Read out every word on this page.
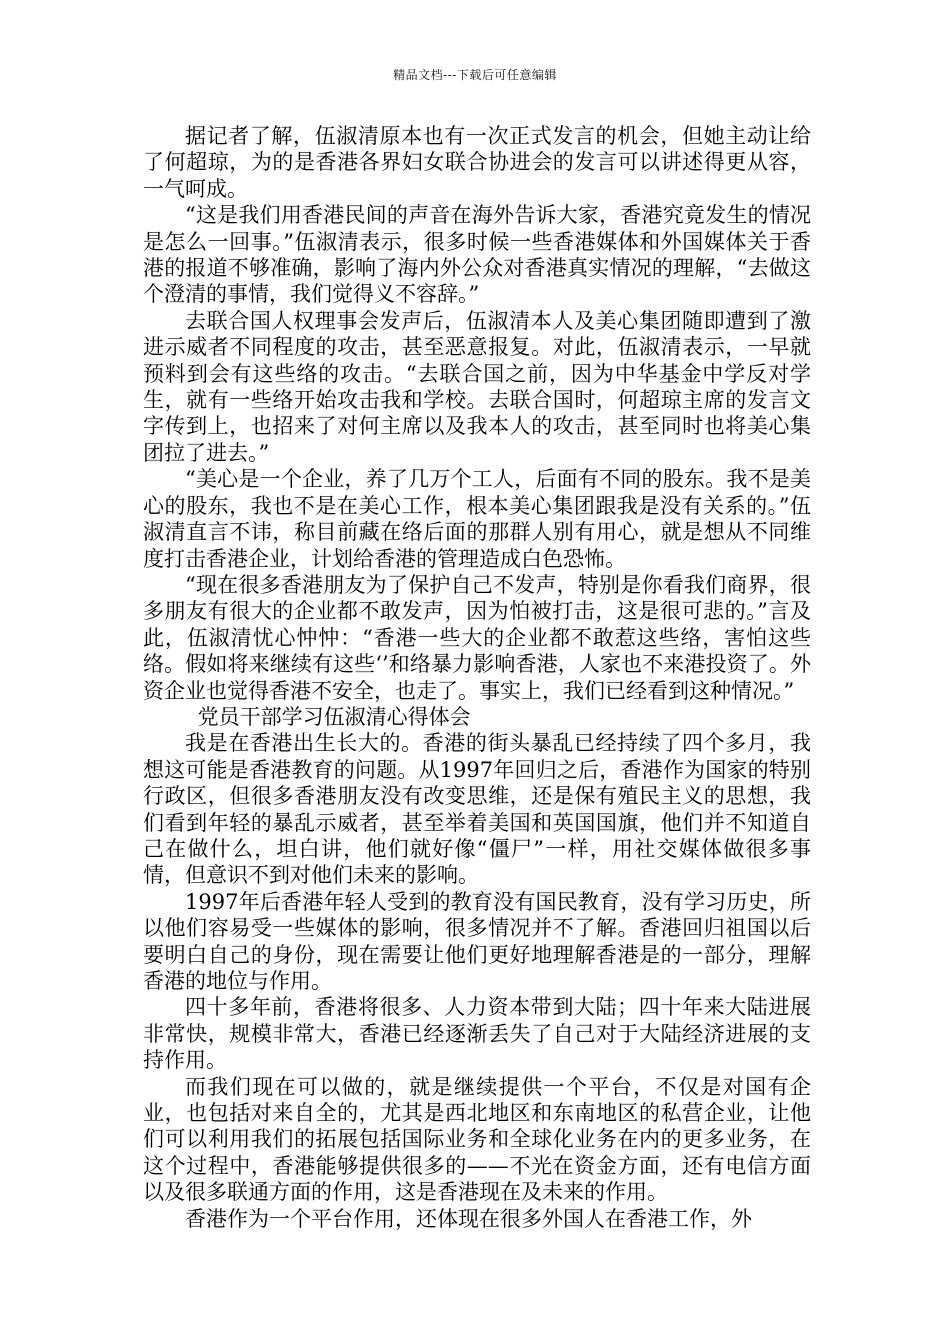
精品文档---下载后可任意编辑

据记者了解，伍淑清原本也有一次正式发言的机会，但她主动让给了何超琼，为的是香港各界妇女联合协进会的发言可以讲述得更从容，一气呵成。

“这是我们用香港民间的声音在海外告诉大家，香港究竟发生的情况是怎么一回事。”伍淑清表示，很多时候一些香港媒体和外国媒体关于香港的报道不够准确，影响了海内外公众对香港真实情况的理解，“去做这个澄清的事情，我们觉得义不容辞。”

去联合国人权理事会发声后，伍淑清本人及美心集团随即遭到了激进示威者不同程度的攻击，甚至恶意报复。对此，伍淑清表示，一早就预料到会有这些络的攻击。“去联合国之前，因为中华基金中学反对学生，就有一些络开始攻击我和学校。去联合国时，何超琼主席的发言文字传到上，也招来了对何主席以及我本人的攻击，甚至同时也将美心集团拉了进去。”

“美心是一个企业，养了几万个工人，后面有不同的股东。我不是美心的股东，我也不是在美心工作，根本美心集团跟我是没有关系的。”伍淑清直言不讳，称目前藏在络后面的那群人别有用心，就是想从不同维度打击香港企业，计划给香港的管理造成白色恐怖。

“现在很多香港朋友为了保护自己不发声，特别是你看我们商界，很多朋友有很大的企业都不敢发声，因为怕被打击，这是很可悲的。”言及此，伍淑清忧心忡忡：“香港一些大的企业都不敢惹这些络，害怕这些络。假如将来继续有这些‘’和络暴力影响香港，人家也不来港投资了。外资企业也觉得香港不安全，也走了。事实上，我们已经看到这种情况。”

党员干部学习伍淑清心得体会

我是在香港出生长大的。香港的街头暴乱已经持续了四个多月，我想这可能是香港教育的问题。从1997年回归之后，香港作为国家的特别行政区，但很多香港朋友没有改变思维，还是保有殖民主义的思想，我们看到年轻的暴乱示威者，甚至举着美国和英国国旗，他们并不知道自己在做什么，坦白讲，他们就好像“僵尸”一样，用社交媒体做很多事情，但意识不到对他们未来的影响。

1997年后香港年轻人受到的教育没有国民教育，没有学习历史，所以他们容易受一些媒体的影响，很多情况并不了解。香港回归祖国以后要明白自己的身份，现在需要让他们更好地理解香港是的一部分，理解香港的地位与作用。

四十多年前，香港将很多、人力资本带到大陆；四十年来大陆进展非常快，规模非常大，香港已经逐渐丢失了自己对于大陆经济进展的支持作用。

而我们现在可以做的，就是继续提供一个平台，不仅是对国有企业，也包括对来自全的，尤其是西北地区和东南地区的私营企业，让他们可以利用我们的拓展包括国际业务和全球化业务在内的更多业务，在这个过程中，香港能够提供很多的——不光在资金方面，还有电信方面以及很多联通方面的作用，这是香港现在及未来的作用。

香港作为一个平台作用，还体现在很多外国人在香港工作，外
